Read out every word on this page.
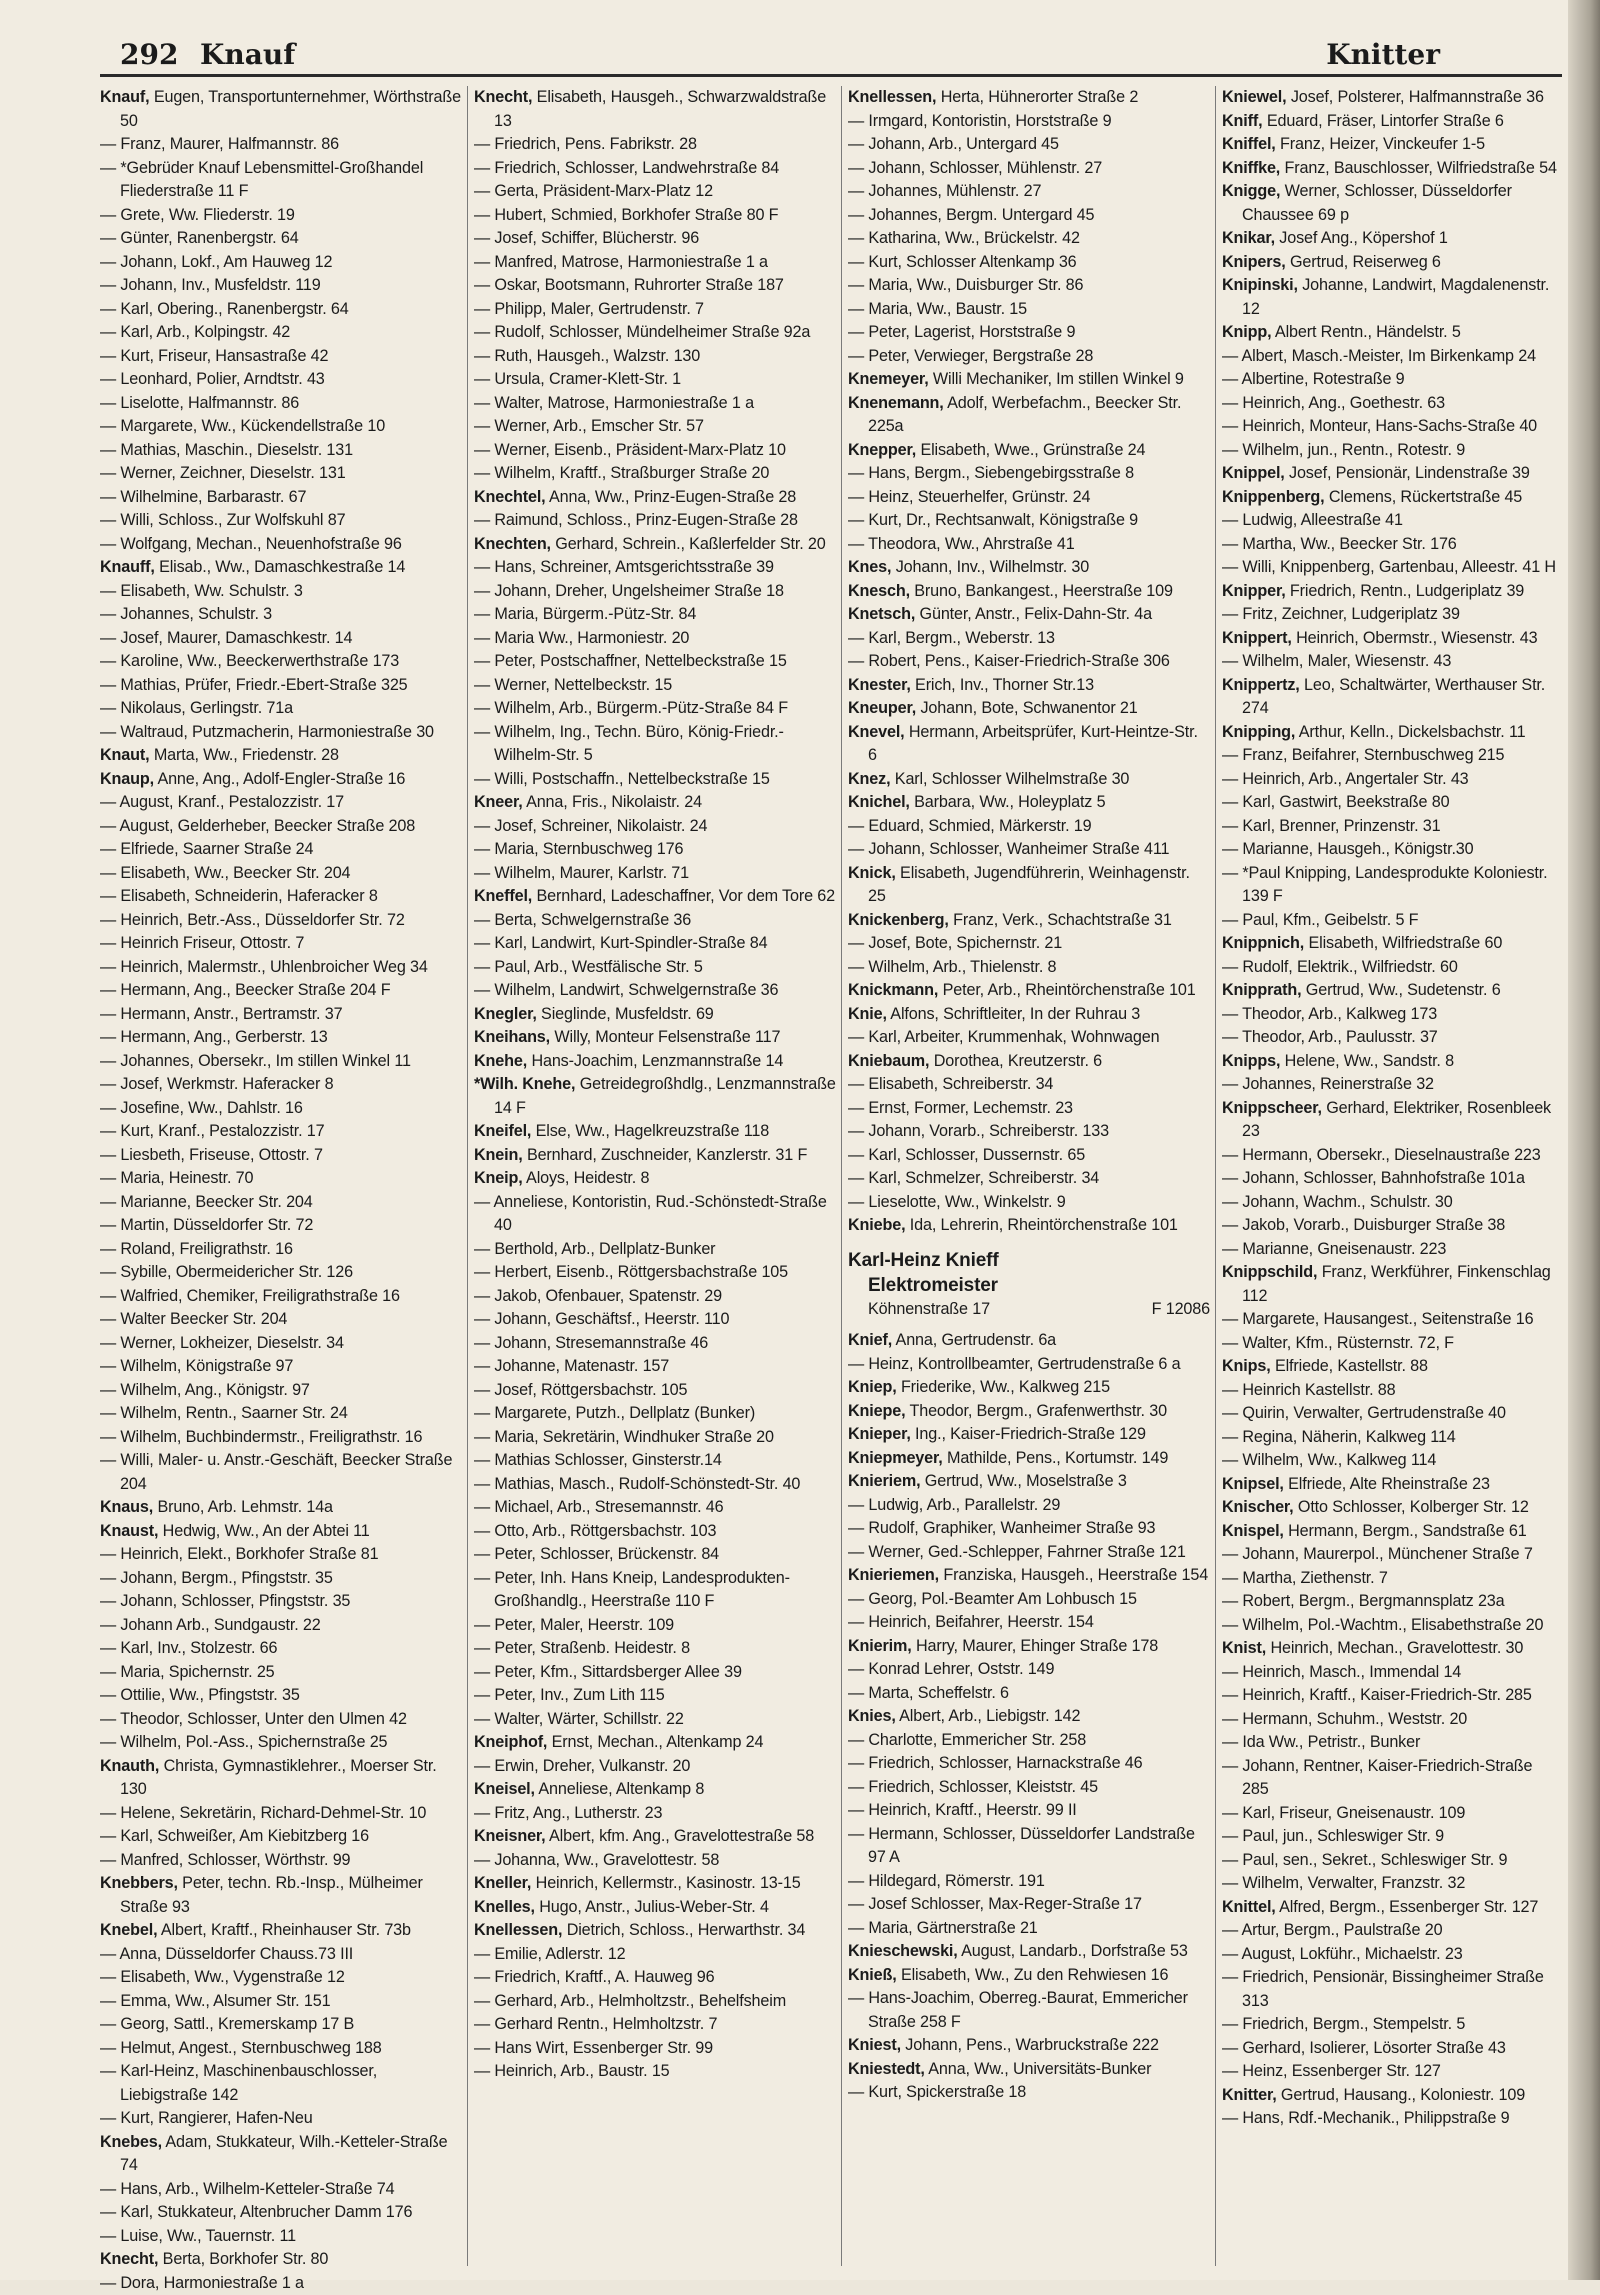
292 Knauf	Knitter

Knauf, Eugen, Transportunternehmer, Wörthstraße 50

— Franz, Maurer, Halfmannstr. 86

— *Gebrüder Knauf Lebensmittel-Großhandel Fliederstraße 11 F

— Grete, Ww. Fliederstr. 19

— Günter, Ranenbergstr. 64

— Johann, Lokf., Am Hauweg 12

— Johann, Inv., Musfeldstr. 119

— Karl, Obering., Ranenbergstr. 64

— Karl, Arb., Kolpingstr. 42

— Kurt, Friseur, Hansastraße 42

— Leonhard, Polier, Arndtstr. 43

— Liselotte, Halfmannstr. 86

— Margarete, Ww., Kückendellstraße 10

— Mathias, Maschin., Dieselstr. 131

— Werner, Zeichner, Dieselstr. 131

— Wilhelmine, Barbarastr. 67

— Willi, Schloss., Zur Wolfskuhl 87

— Wolfgang, Mechan., Neuenhofstraße 96

Knauff, Elisab., Ww., Damaschkestraße 14

— Elisabeth, Ww. Schulstr. 3

— Johannes, Schulstr. 3

— Josef, Maurer, Damaschkestr. 14

— Karoline, Ww., Beeckerwerthstraße 173

— Mathias, Prüfer, Friedr.-Ebert-Straße 325

— Nikolaus, Gerlingstr. 71a

— Waltraud, Putzmacherin, Harmoniestraße 30

Knaut, Marta, Ww., Friedenstr. 28

Knaup, Anne, Ang., Adolf-Engler-Straße 16

— August, Kranf., Pestalozzistr. 17

— August, Gelderheber, Beecker Straße 208

— Elfriede, Saarner Straße 24

— Elisabeth, Ww., Beecker Str. 204

— Elisabeth, Schneiderin, Haferacker 8

— Heinrich, Betr.-Ass., Düsseldorfer Str. 72

— Heinrich Friseur, Ottostr. 7

— Heinrich, Malermstr., Uhlenbroicher Weg 34

— Hermann, Ang., Beecker Straße 204 F

— Hermann, Anstr., Bertramstr. 37

— Hermann, Ang., Gerberstr. 13

— Johannes, Obersekr., Im stillen Winkel 11

— Josef, Werkmstr. Haferacker 8

— Josefine, Ww., Dahlstr. 16

— Kurt, Kranf., Pestalozzistr. 17

— Liesbeth, Friseuse, Ottostr. 7

— Maria, Heinestr. 70

— Marianne, Beecker Str. 204

— Martin, Düsseldorfer Str. 72

— Roland, Freiligrathstr. 16

— Sybille, Obermeidericher Str. 126

— Walfried, Chemiker, Freiligrathstraße 16

— Walter Beecker Str. 204

— Werner, Lokheizer, Dieselstr. 34

— Wilhelm, Königstraße 97

— Wilhelm, Ang., Königstr. 97

— Wilhelm, Rentn., Saarner Str. 24

— Wilhelm, Buchbindermstr., Freiligrathstr. 16

— Willi, Maler- u. Anstr.-Geschäft, Beecker Straße 204

Knaus, Bruno, Arb. Lehmstr. 14a

Knaust, Hedwig, Ww., An der Abtei 11

— Heinrich, Elekt., Borkhofer Straße 81

— Johann, Bergm., Pfingststr. 35

— Johann, Schlosser, Pfingststr. 35

— Johann Arb., Sundgaustr. 22

— Karl, Inv., Stolzestr. 66

— Maria, Spichernstr. 25

— Ottilie, Ww., Pfingststr. 35

— Theodor, Schlosser, Unter den Ulmen 42

— Wilhelm, Pol.-Ass., Spichernstraße 25

Knauth, Christa, Gymnastiklehrer., Moerser Str. 130

— Helene, Sekretärin, Richard-Dehmel-Str. 10

— Karl, Schweißer, Am Kiebitzberg 16

— Manfred, Schlosser, Wörthstr. 99

Knebbers, Peter, techn. Rb.-Insp., Mülheimer Straße 93

Knebel, Albert, Kraftf., Rheinhauser Str. 73b

— Anna, Düsseldorfer Chauss.73 III

— Elisabeth, Ww., Vygenstraße 12

— Emma, Ww., Alsumer Str. 151

— Georg, Sattl., Kremerskamp 17 B

— Helmut, Angest., Sternbuschweg 188

— Karl-Heinz, Maschinenbauschlosser, Liebigstraße 142

— Kurt, Rangierer, Hafen-Neu

Knebes, Adam, Stukkateur, Wilh.-Ketteler-Straße 74

— Hans, Arb., Wilhelm-Ketteler-Straße 74

— Karl, Stukkateur, Altenbrucher Damm 176

— Luise, Ww., Tauernstr. 11

Knecht, Berta, Borkhofer Str. 80

— Dora, Harmoniestraße 1 a

Knecht, Elisabeth, Hausgeh., Schwarzwaldstraße 13

— Friedrich, Pens. Fabrikstr. 28

— Friedrich, Schlosser, Landwehrstraße 84

— Gerta, Präsident-Marx-Platz 12

— Hubert, Schmied, Borkhofer Straße 80 F

— Josef, Schiffer, Blücherstr. 96

— Manfred, Matrose, Harmoniestraße 1 a

— Oskar, Bootsmann, Ruhrorter Straße 187

— Philipp, Maler, Gertrudenstr. 7

— Rudolf, Schlosser, Mündelheimer Straße 92a

— Ruth, Hausgeh., Walzstr. 130

— Ursula, Cramer-Klett-Str. 1

— Walter, Matrose, Harmoniestraße 1 a

— Werner, Arb., Emscher Str. 57

— Werner, Eisenb., Präsident-Marx-Platz 10

— Wilhelm, Kraftf., Straßburger Straße 20

Knechtel, Anna, Ww., Prinz-Eugen-Straße 28

— Raimund, Schloss., Prinz-Eugen-Straße 28

Knechten, Gerhard, Schrein., Kaßlerfelder Str. 20

— Hans, Schreiner, Amtsgerichtsstraße 39

— Johann, Dreher, Ungelsheimer Straße 18

— Maria, Bürgerm.-Pütz-Str. 84

— Maria Ww., Harmoniestr. 20

— Peter, Postschaffner, Nettelbeckstraße 15

— Werner, Nettelbeckstr. 15

— Wilhelm, Arb., Bürgerm.-Pütz-Straße 84 F

— Wilhelm, Ing., Techn. Büro, König-Friedr.-Wilhelm-Str. 5

— Willi, Postschaffn., Nettelbeckstraße 15

Kneer, Anna, Fris., Nikolaistr. 24

— Josef, Schreiner, Nikolaistr. 24

— Maria, Sternbuschweg 176

— Wilhelm, Maurer, Karlstr. 71

Kneffel, Bernhard, Ladeschaffner, Vor dem Tore 62

— Berta, Schwelgernstraße 36

— Karl, Landwirt, Kurt-Spindler-Straße 84

— Paul, Arb., Westfälische Str. 5

— Wilhelm, Landwirt, Schwelgernstraße 36

Knegler, Sieglinde, Musfeldstr. 69

Kneihans, Willy, Monteur Felsenstraße 117

Knehe, Hans-Joachim, Lenzmannstraße 14

*Wilh. Knehe, Getreidegroßhdlg., Lenzmannstraße 14 F

Kneifel, Else, Ww., Hagelkreuzstraße 118

Knein, Bernhard, Zuschneider, Kanzlerstr. 31 F

Kneip, Aloys, Heidestr. 8

— Anneliese, Kontoristin, Rud.-Schönstedt-Straße 40

— Berthold, Arb., Dellplatz-Bunker

— Herbert, Eisenb., Röttgersbachstraße 105

— Jakob, Ofenbauer, Spatenstr. 29

— Johann, Geschäftsf., Heerstr. 110

— Johann, Stresemannstraße 46

— Johanne, Matenastr. 157

— Josef, Röttgersbachstr. 105

— Margarete, Putzh., Dellplatz (Bunker)

— Maria, Sekretärin, Windhuker Straße 20

— Mathias Schlosser, Ginsterstr.14

— Mathias, Masch., Rudolf-Schönstedt-Str. 40

— Michael, Arb., Stresemannstr. 46

— Otto, Arb., Röttgersbachstr. 103

— Peter, Schlosser, Brückenstr. 84

— Peter, Inh. Hans Kneip, Landesprodukten-Großhandlg., Heerstraße 110 F

— Peter, Maler, Heerstr. 109

— Peter, Straßenb. Heidestr. 8

— Peter, Kfm., Sittardsberger Allee 39

— Peter, Inv., Zum Lith 115

— Walter, Wärter, Schillstr. 22

Kneiphof, Ernst, Mechan., Altenkamp 24

— Erwin, Dreher, Vulkanstr. 20

Kneisel, Anneliese, Altenkamp 8

— Fritz, Ang., Lutherstr. 23

Kneisner, Albert, kfm. Ang., Gravelottestraße 58

— Johanna, Ww., Gravelottestr. 58

Kneller, Heinrich, Kellermstr., Kasinostr. 13-15

Knelles, Hugo, Anstr., Julius-Weber-Str. 4

Knellessen, Dietrich, Schloss., Herwarthstr. 34

— Emilie, Adlerstr. 12

— Friedrich, Kraftf., A. Hauweg 96

— Gerhard, Arb., Helmholtzstr., Behelfsheim

— Gerhard Rentn., Helmholtzstr. 7

— Hans Wirt, Essenberger Str. 99

— Heinrich, Arb., Baustr. 15

Knellessen, Herta, Hühnerorter Straße 2

— Irmgard, Kontoristin, Horststraße 9

— Johann, Arb., Untergard 45

— Johann, Schlosser, Mühlenstr. 27

— Johannes, Mühlenstr. 27

— Johannes, Bergm. Untergard 45

— Katharina, Ww., Brückelstr. 42

— Kurt, Schlosser Altenkamp 36

— Maria, Ww., Duisburger Str. 86

— Maria, Ww., Baustr. 15

— Peter, Lagerist, Horststraße 9

— Peter, Verwieger, Bergstraße 28

Knemeyer, Willi Mechaniker, Im stillen Winkel 9

Knenemann, Adolf, Werbefachm., Beecker Str. 225a

Knepper, Elisabeth, Wwe., Grünstraße 24

— Hans, Bergm., Siebengebirgsstraße 8

— Heinz, Steuerhelfer, Grünstr. 24

— Kurt, Dr., Rechtsanwalt, Königstraße 9

— Theodora, Ww., Ahrstraße 41

Knes, Johann, Inv., Wilhelmstr. 30

Knesch, Bruno, Bankangest., Heerstraße 109

Knetsch, Günter, Anstr., Felix-Dahn-Str. 4a

— Karl, Bergm., Weberstr. 13

— Robert, Pens., Kaiser-Friedrich-Straße 306

Knester, Erich, Inv., Thorner Str.13

Kneuper, Johann, Bote, Schwanentor 21

Knevel, Hermann, Arbeitsprüfer, Kurt-Heintze-Str. 6

Knez, Karl, Schlosser Wilhelmstraße 30

Knichel, Barbara, Ww., Holeyplatz 5

— Eduard, Schmied, Märkerstr. 19

— Johann, Schlosser, Wanheimer Straße 411

Knick, Elisabeth, Jugendführerin, Weinhagenstr. 25

Knickenberg, Franz, Verk., Schachtstraße 31

— Josef, Bote, Spichernstr. 21

— Wilhelm, Arb., Thielenstr. 8

Knickmann, Peter, Arb., Rheintörchenstraße 101

Knie, Alfons, Schriftleiter, In der Ruhrau 3

— Karl, Arbeiter, Krummenhak, Wohnwagen

Kniebaum, Dorothea, Kreutzerstr. 6

— Elisabeth, Schreiberstr. 34

— Ernst, Former, Lechemstr. 23

— Johann, Vorarb., Schreiberstr. 133

— Karl, Schlosser, Dussernstr. 65

— Karl, Schmelzer, Schreiberstr. 34

— Lieselotte, Ww., Winkelstr. 9

Kniebe, Ida, Lehrerin, Rheintörchenstraße 101

Karl-Heinz Knieff
Elektromeister
Köhnenstraße 17	F 12086

Knief, Anna, Gertrudenstr. 6a

— Heinz, Kontrollbeamter, Gertrudenstraße 6 a

Kniep, Friederike, Ww., Kalkweg 215

Kniepe, Theodor, Bergm., Grafenwerthstr. 30

Knieper, Ing., Kaiser-Friedrich-Straße 129

Kniepmeyer, Mathilde, Pens., Kortumstr. 149

Knieriem, Gertrud, Ww., Moselstraße 3

— Ludwig, Arb., Parallelstr. 29

— Rudolf, Graphiker, Wanheimer Straße 93

— Werner, Ged.-Schlepper, Fahrner Straße 121

Knieriemen, Franziska, Hausgeh., Heerstraße 154

— Georg, Pol.-Beamter Am Lohbusch 15

— Heinrich, Beifahrer, Heerstr. 154

Knierim, Harry, Maurer, Ehinger Straße 178

— Konrad Lehrer, Oststr. 149

— Marta, Scheffelstr. 6

Knies, Albert, Arb., Liebigstr. 142

— Charlotte, Emmericher Str. 258

— Friedrich, Schlosser, Harnackstraße 46

— Friedrich, Schlosser, Kleiststr. 45

— Heinrich, Kraftf., Heerstr. 99 II

— Hermann, Schlosser, Düsseldorfer Landstraße 97 A

— Hildegard, Römerstr. 191

— Josef Schlosser, Max-Reger-Straße 17

— Maria, Gärtnerstraße 21

Knieschewski, August, Landarb., Dorfstraße 53

Knieß, Elisabeth, Ww., Zu den Rehwiesen 16

— Hans-Joachim, Oberreg.-Baurat, Emmericher Straße 258 F

Kniest, Johann, Pens., Warbruckstraße 222

Kniestedt, Anna, Ww., Universitäts-Bunker

— Kurt, Spickerstraße 18

Kniewel, Josef, Polsterer, Halfmannstraße 36

Kniff, Eduard, Fräser, Lintorfer Straße 6

Kniffel, Franz, Heizer, Vinckeufer 1-5

Kniffke, Franz, Bauschlosser, Wilfriedstraße 54

Knigge, Werner, Schlosser, Düsseldorfer Chaussee 69 p

Knikar, Josef Ang., Köpershof 1

Knipers, Gertrud, Reiserweg 6

Knipinski, Johanne, Landwirt, Magdalenenstr. 12

Knipp, Albert Rentn., Händelstr. 5

— Albert, Masch.-Meister, Im Birkenkamp 24

— Albertine, Rotestraße 9

— Heinrich, Ang., Goethestr. 63

— Heinrich, Monteur, Hans-Sachs-Straße 40

— Wilhelm, jun., Rentn., Rotestr. 9

Knippel, Josef, Pensionär, Lindenstraße 39

Knippenberg, Clemens, Rückertstraße 45

— Ludwig, Alleestraße 41

— Martha, Ww., Beecker Str. 176

— Willi, Knippenberg, Gartenbau, Alleestr. 41 H

Knipper, Friedrich, Rentn., Ludgeriplatz 39

— Fritz, Zeichner, Ludgeriplatz 39

Knippert, Heinrich, Obermstr., Wiesenstr. 43

— Wilhelm, Maler, Wiesenstr. 43

Knippertz, Leo, Schaltwärter, Werthauser Str. 274

Knipping, Arthur, Kelln., Dickelsbachstr. 11

— Franz, Beifahrer, Sternbuschweg 215

— Heinrich, Arb., Angertaler Str. 43

— Karl, Gastwirt, Beekstraße 80

— Karl, Brenner, Prinzenstr. 31

— Marianne, Hausgeh., Königstr.30

— *Paul Knipping, Landesprodukte Koloniestr. 139 F

— Paul, Kfm., Geibelstr. 5 F

Knippnich, Elisabeth, Wilfriedstraße 60

— Rudolf, Elektrik., Wilfriedstr. 60

Knipprath, Gertrud, Ww., Sudetenstr. 6

— Theodor, Arb., Kalkweg 173

— Theodor, Arb., Paulusstr. 37

Knipps, Helene, Ww., Sandstr. 8

— Johannes, Reinerstraße 32

Knippscheer, Gerhard, Elektriker, Rosenbleek 23

— Hermann, Obersekr., Dieselnaustraße 223

— Johann, Schlosser, Bahnhofstraße 101a

— Johann, Wachm., Schulstr. 30

— Jakob, Vorarb., Duisburger Straße 38

— Marianne, Gneisenaustr. 223

Knippschild, Franz, Werkführer, Finkenschlag 112

— Margarete, Hausangest., Seitenstraße 16

— Walter, Kfm., Rüsternstr. 72, F

Knips, Elfriede, Kastellstr. 88

— Heinrich Kastellstr. 88

— Quirin, Verwalter, Gertrudenstraße 40

— Regina, Näherin, Kalkweg 114

— Wilhelm, Ww., Kalkweg 114

Knipsel, Elfriede, Alte Rheinstraße 23

Knischer, Otto Schlosser, Kolberger Str. 12

Knispel, Hermann, Bergm., Sandstraße 61

— Johann, Maurerpol., Münchener Straße 7

— Martha, Ziethenstr. 7

— Robert, Bergm., Bergmannsplatz 23a

— Wilhelm, Pol.-Wachtm., Elisabethstraße 20

Knist, Heinrich, Mechan., Gravelottestr. 30

— Heinrich, Masch., Immendal 14

— Heinrich, Kraftf., Kaiser-Friedrich-Str. 285

— Hermann, Schuhm., Weststr. 20

— Ida Ww., Petristr., Bunker

— Johann, Rentner, Kaiser-Friedrich-Straße 285

— Karl, Friseur, Gneisenaustr. 109

— Paul, jun., Schleswiger Str. 9

— Paul, sen., Sekret., Schleswiger Str. 9

— Wilhelm, Verwalter, Franzstr. 32

Knittel, Alfred, Bergm., Essenberger Str. 127

— Artur, Bergm., Paulstraße 20

— August, Lokführ., Michaelstr. 23

— Friedrich, Pensionär, Bissingheimer Straße 313

— Friedrich, Bergm., Stempelstr. 5

— Gerhard, Isolierer, Lösorter Straße 43

— Heinz, Essenberger Str. 127

Knitter, Gertrud, Hausang., Koloniestr. 109

— Hans, Rdf.-Mechanik., Philippstraße 9
